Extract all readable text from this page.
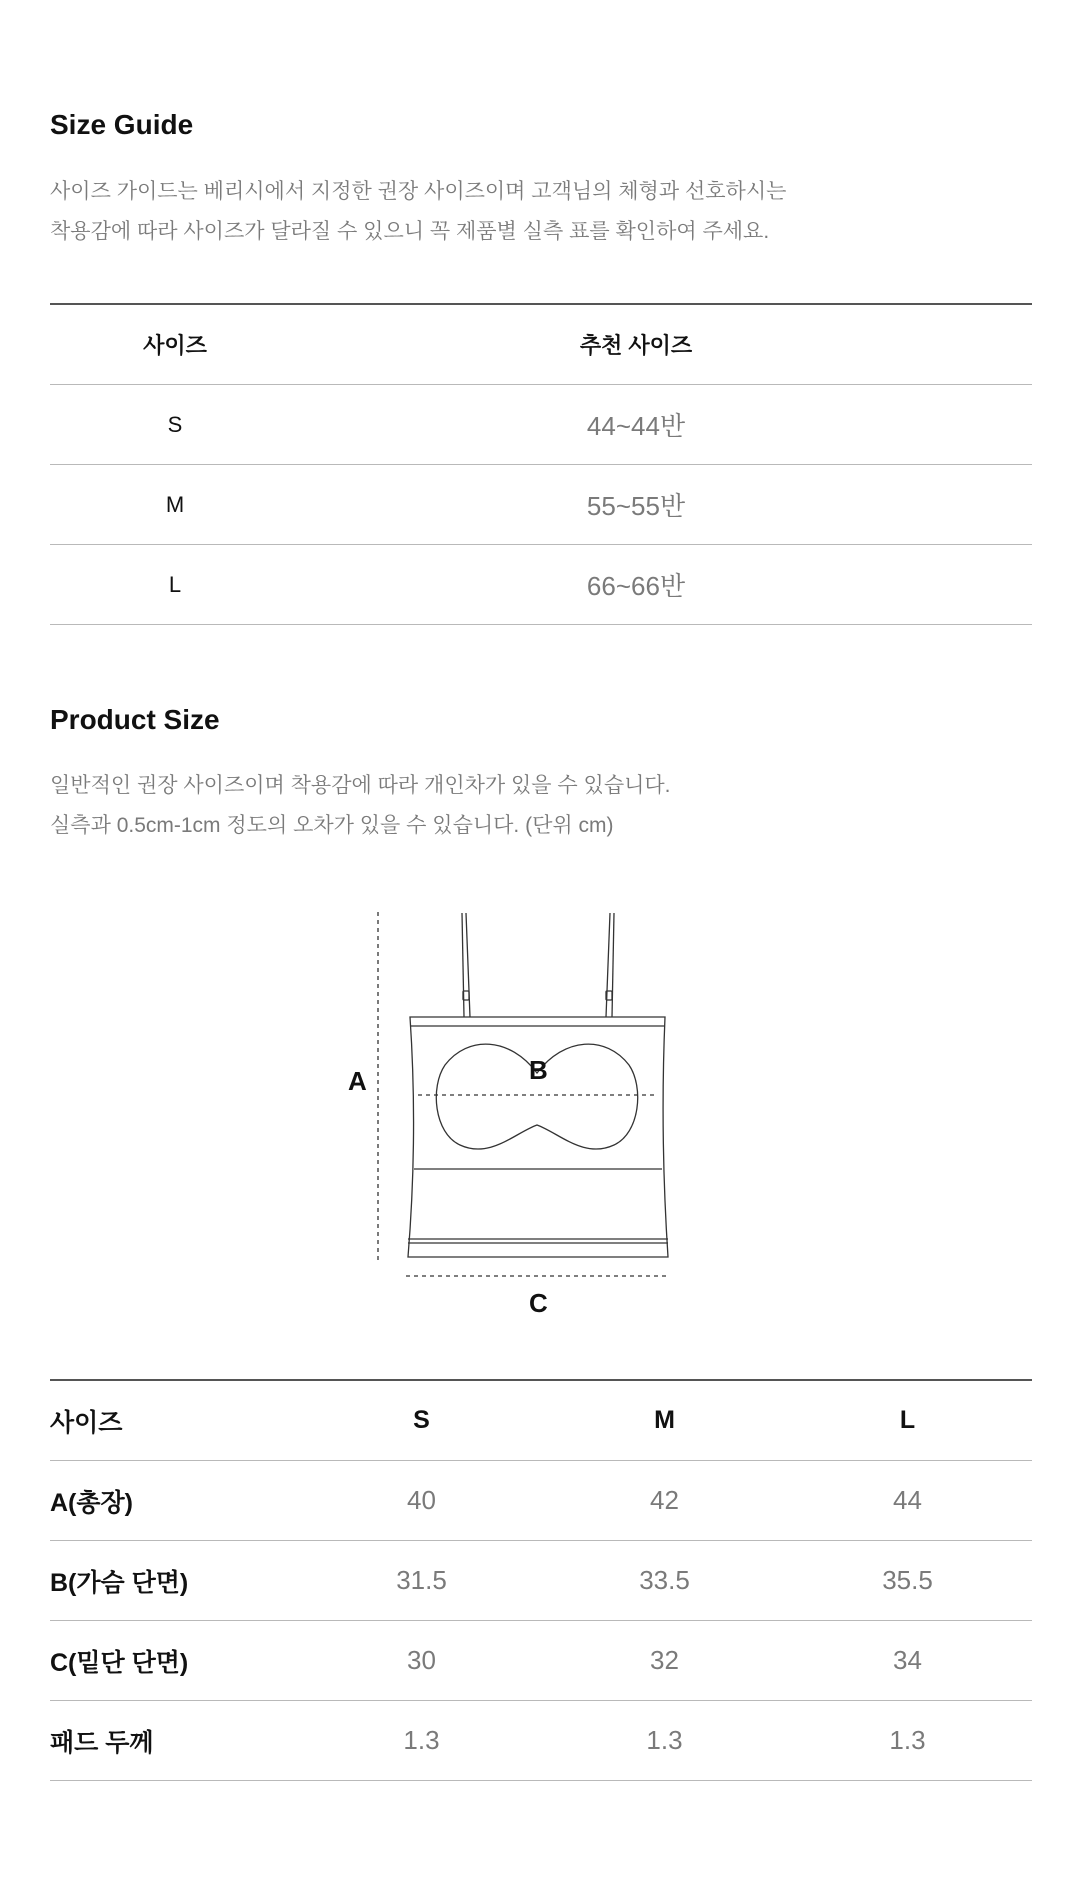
Size Guide

사이즈 가이드는 베리시에서 지정한 권장 사이즈이며 고객님의 체형과 선호하시는

착용감에 따라 사이즈가 달라질 수 있으니 꼭 제품별 실측 표를 확인하여 주세요.

사이즈	추천 사이즈
S	44~44반
M	55~55반
L	66~66반
Product Size

일반적인 권장 사이즈이며 착용감에 따라 개인차가 있을 수 있습니다.

실측과 0.5cm-1cm 정도의 오차가 있을 수 있습니다. (단위 cm)

A	B
C
사이즈	S	M	L
A(총장)	40	42	44
B(가슴 단면)	31.5	33.5	35.5
C(밑단 단면)	30	32	34
패드 두께	1.3	1.3	1.3
